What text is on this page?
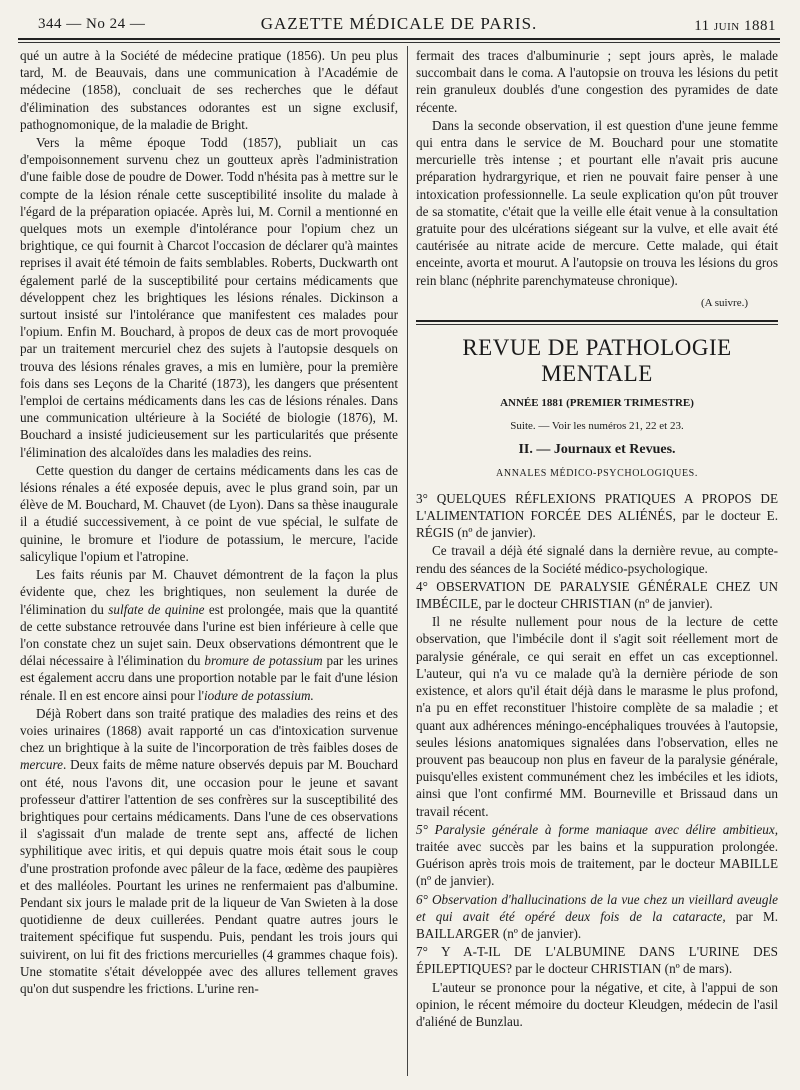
344 — No 24 —	GAZETTE MÉDICALE DE PARIS.	11 JUIN 1881

qué un autre à la Société de médecine pratique (1856). Un peu plus tard, M. de Beauvais, dans une communication à l'Académie de médecine (1858), concluait de ses recherches que le défaut d'élimination des substances odorantes est un signe exclusif, pathognomonique, de la maladie de Bright.

Vers la même époque Todd (1857), publiait un cas d'empoisonnement survenu chez un goutteux après l'administration d'une faible dose de poudre de Dower. Todd n'hésita pas à mettre sur le compte de la lésion rénale cette susceptibilité insolite du malade à l'égard de la préparation opiacée. Après lui, M. Cornil a mentionné en quelques mots un exemple d'intolérance pour l'opium chez un brightique, ce qui fournit à Charcot l'occasion de déclarer qu'à maintes reprises il avait été témoin de faits semblables. Roberts, Duckwarth ont également parlé de la susceptibilité pour certains médicaments que développent chez les brightiques les lésions rénales. Dickinson a surtout insisté sur l'intolérance que manifestent ces malades pour l'opium. Enfin M. Bouchard, à propos de deux cas de mort provoquée par un traitement mercuriel chez des sujets à l'autopsie desquels on trouva des lésions rénales graves, a mis en lumière, pour la première fois dans ses Leçons de la Charité (1873), les dangers que présentent l'emploi de certains médicaments dans les cas de lésions rénales. Dans une communication ultérieure à la Société de biologie (1876), M. Bouchard a insisté judicieusement sur les particularités que présente l'élimination des alcaloïdes dans les maladies des reins.

Cette question du danger de certains médicaments dans les cas de lésions rénales a été exposée depuis, avec le plus grand soin, par un élève de M. Bouchard, M. Chauvet (de Lyon). Dans sa thèse inaugurale il a étudié successivement, à ce point de vue spécial, le sulfate de quinine, le bromure et l'iodure de potassium, le mercure, l'acide salicylique l'opium et l'atropine.

Les faits réunis par M. Chauvet démontrent de la façon la plus évidente que, chez les brightiques, non seulement la durée de l'élimination du sulfate de quinine est prolongée, mais que la quantité de cette substance retrouvée dans l'urine est bien inférieure à celle que l'on constate chez un sujet sain. Deux observations démontrent que le délai nécessaire à l'élimination du bromure de potassium par les urines est également accru dans une proportion notable par le fait d'une lésion rénale. Il en est encore ainsi pour l'iodure de potassium.

Déjà Robert dans son traité pratique des maladies des reins et des voies urinaires (1868) avait rapporté un cas d'intoxication survenue chez un brightique à la suite de l'incorporation de très faibles doses de mercure. Deux faits de même nature observés depuis par M. Bouchard ont été, nous l'avons dit, une occasion pour le jeune et savant professeur d'attirer l'attention de ses confrères sur la susceptibilité des brightiques pour certains médicaments. Dans l'une de ces observations il s'agissait d'un malade de trente sept ans, affecté de lichen syphilitique avec iritis, et qui depuis quatre mois était sous le coup d'une prostration profonde avec pâleur de la face, œdème des paupières et des malléoles. Pourtant les urines ne renfermaient pas d'albumine. Pendant six jours le malade prit de la liqueur de Van Swieten à la dose quotidienne de deux cuillerées. Pendant quatre autres jours le traitement spécifique fut suspendu. Puis, pendant les trois jours qui suivirent, on lui fit des frictions mercurielles (4 grammes chaque fois). Une stomatite s'était développée avec des allures tellement graves qu'on dut suspendre les frictions. L'urine ren-

fermait des traces d'albuminurie ; sept jours après, le malade succombait dans le coma. A l'autopsie on trouva les lésions du petit rein granuleux doublés d'une congestion des pyramides de date récente.

Dans la seconde observation, il est question d'une jeune femme qui entra dans le service de M. Bouchard pour une stomatite mercurielle très intense ; et pourtant elle n'avait pris aucune préparation hydrargyrique, et rien ne pouvait faire penser à une intoxication professionnelle. La seule explication qu'on pût trouver de sa stomatite, c'était que la veille elle était venue à la consultation gratuite pour des ulcérations siégeant sur la vulve, et elle avait été cautérisée au nitrate acide de mercure. Cette malade, qui était enceinte, avorta et mourut. A l'autopsie on trouva les lésions du gros rein blanc (néphrite parenchymateuse chronique).

(A suivre.)
REVUE DE PATHOLOGIE MENTALE
ANNÉE 1881 (PREMIER TRIMESTRE)
Suite. — Voir les numéros 21, 22 et 23.
II. — Journaux et Revues.
ANNALES MÉDICO-PSYCHOLOGIQUES.

3° QUELQUES RÉFLEXIONS PRATIQUES A PROPOS DE L'ALIMENTATION FORCÉE DES ALIÉNÉS, par le docteur E. RÉGIS (nº de janvier).

Ce travail a déjà été signalé dans la dernière revue, au compte-rendu des séances de la Société médico-psychologique.

4° OBSERVATION DE PARALYSIE GÉNÉRALE CHEZ UN IMBÉCILE, par le docteur CHRISTIAN (nº de janvier).

Il ne résulte nullement pour nous de la lecture de cette observation, que l'imbécile dont il s'agit soit réellement mort de paralysie générale, ce qui serait en effet un cas exceptionnel. L'auteur, qui n'a vu ce malade qu'à la dernière période de son existence, et alors qu'il était déjà dans le marasme le plus profond, n'a pu en effet reconstituer l'histoire complète de sa maladie ; et quant aux adhérences méningo-encéphaliques trouvées à l'autopsie, seules lésions anatomiques signalées dans l'observation, elles ne prouvent pas beaucoup non plus en faveur de la paralysie générale, puisqu'elles existent communément chez les imbéciles et les idiots, ainsi que l'ont confirmé MM. Bourneville et Brissaud dans un travail récent.

5° Paralysie générale à forme maniaque avec délire ambitieux, traitée avec succès par les bains et la suppuration prolongée. Guérison après trois mois de traitement, par le docteur MABILLE (nº de janvier).

6° Observation d'hallucinations de la vue chez un vieillard aveugle et qui avait été opéré deux fois de la cataracte, par M. BAILLARGER (nº de janvier).

7° Y A-T-IL DE L'ALBUMINE DANS L'URINE DES ÉPILEPTIQUES? par le docteur CHRISTIAN (nº de mars).

L'auteur se prononce pour la négative, et cite, à l'appui de son opinion, le récent mémoire du docteur Kleudgen, médecin de l'asil d'aliéné de Bunzlau.
